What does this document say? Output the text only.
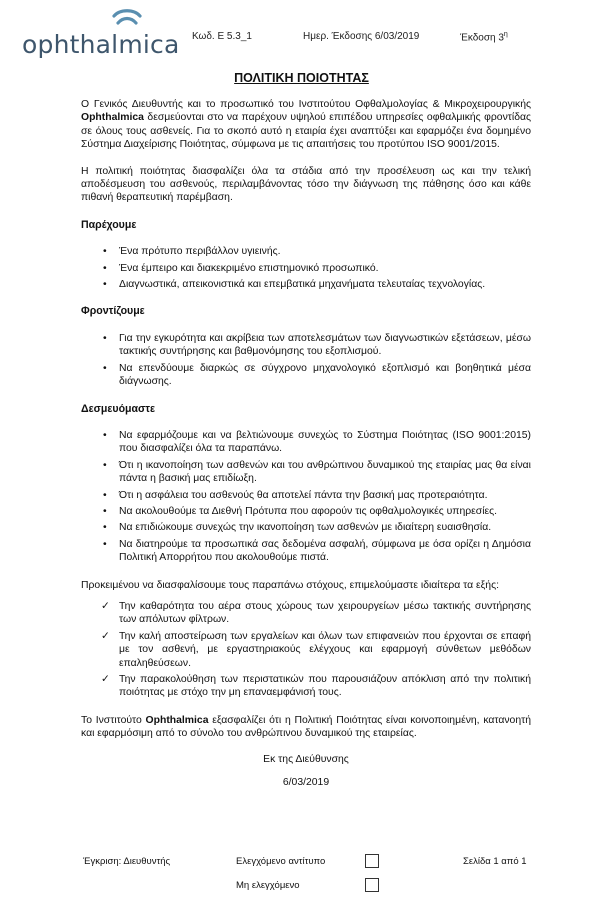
ophthalmica Κωδ. Ε 5.3_1	Ημερ. Έκδοσης 6/03/2019	Έκδοση $3^\eta$
ΠΟΛΙΤΙΚΗ ΠΟΙΟΤΗΤΑΣ

Ο Γενικός Διευθυντής και το προσωπικό του Ινστιτούτου Οφθαλμολογίας & Μικροχειρουργικής Ophthalmica δεσμεύονται στο να παρέχουν υψηλού επιπέδου υπηρεσίες οφθαλμικής φροντίδας σε όλους τους ασθενείς. Για το σκοπό αυτό η εταιρία έχει αναπτύξει και εφαρμόζει ένα δομημένο Σύστημα Διαχείρισης Ποιότητας, σύμφωνα με τις απαιτήσεις του προτύπου ISO 9001/2015.

Η πολιτική ποιότητας διασφαλίζει όλα τα στάδια από την προσέλευση ως και την τελική αποδέσμευση του ασθενούς, περιλαμβάνοντας τόσο την διάγνωση της πάθησης όσο και κάθε πιθανή θεραπευτική παρέμβαση.

Παρέχουμε
• Ένα πρότυπο περιβάλλον υγιεινής.
• Ένα έμπειρο και διακεκριμένο επιστημονικό προσωπικό.
• Διαγνωστικά, απεικονιστικά και επεμβατικά μηχανήματα τελευταίας τεχνολογίας.
Φροντίζουμε
• Για την εγκυρότητα και ακρίβεια των αποτελεσμάτων των διαγνωστικών εξετάσεων, μέσω τακτικής συντήρησης και βαθμονόμησης του εξοπλισμού.
• Να επενδύουμε διαρκώς σε σύγχρονο μηχανολογικό εξοπλισμό και βοηθητικά μέσα διάγνωσης.
Δεσμευόμαστε
• Να εφαρμόζουμε και να βελτιώνουμε συνεχώς το Σύστημα Ποιότητας (ISO 9001:2015) που διασφαλίζει όλα τα παραπάνω.
• Ότι η ικανοποίηση των ασθενών και του ανθρώπινου δυναμικού της εταιρίας μας θα είναι πάντα η βασική μας επιδίωξη.
• Ότι η ασφάλεια του ασθενούς θα αποτελεί πάντα την βασική μας προτεραιότητα.
• Να ακολουθούμε τα Διεθνή Πρότυπα που αφορούν τις οφθαλμολογικές υπηρεσίες.
• Να επιδιώκουμε συνεχώς την ικανοποίηση των ασθενών με ιδιαίτερη ευαισθησία.
• Να διατηρούμε τα προσωπικά σας δεδομένα ασφαλή, σύμφωνα με όσα ορίζει η Δημόσια Πολιτική Απορρήτου που ακολουθούμε πιστά.

Προκειμένου να διασφαλίσουμε τους παραπάνω στόχους, επιμελούμαστε ιδιαίτερα τα εξής:

✓ Την καθαρότητα του αέρα στους χώρους των χειρουργείων μέσω τακτικής συντήρησης των απόλυτων φίλτρων.
✓ Την καλή αποστείρωση των εργαλείων και όλων των επιφανειών που έρχονται σε επαφή με τον ασθενή, με εργαστηριακούς ελέγχους και εφαρμογή σύνθετων μεθόδων επαληθεύσεων.
✓ Την παρακολούθηση των περιστατικών που παρουσιάζουν απόκλιση από την πολιτική ποιότητας με στόχο την μη επαναεμφάνισή τους.

Το Ινστιτούτο Ophthalmica εξασφαλίζει ότι η Πολιτική Ποιότητας είναι κοινοποιημένη, κατανοητή και εφαρμόσιμη από το σύνολο του ανθρώπινου δυναμικού της εταιρείας.

Εκ της Διεύθυνσης
6/03/2019
Έγκριση: Διευθυντής	Ελεγχόμενο αντίτυπο
Μη ελεγχόμενο
Σελίδα 1 από 1
